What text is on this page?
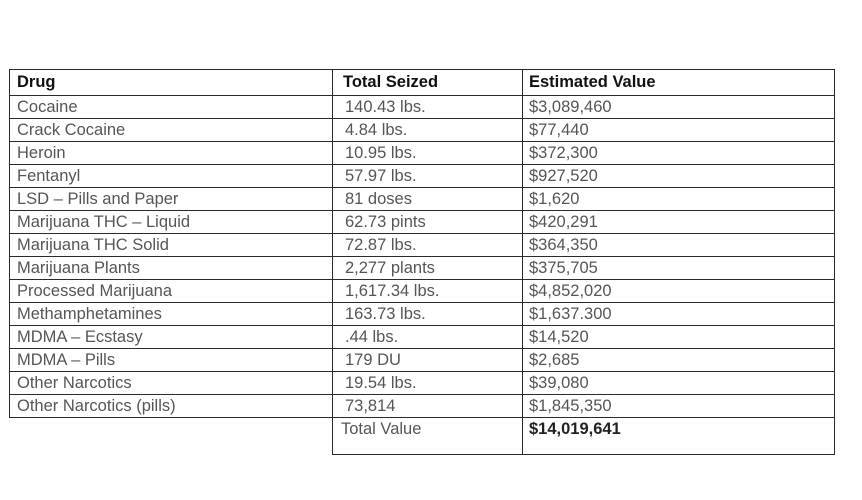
Drug	Total Seized	Estimated Value
Cocaine	140.43 lbs.	$3,089,460
Crack Cocaine	4.84 lbs.	$77,440
Heroin	10.95 lbs.	$372,300
Fentanyl	57.97 lbs.	$927,520
LSD – Pills and Paper	81 doses	$1,620
Marijuana THC – Liquid	62.73 pints	$420,291
Marijuana THC Solid	72.87 lbs.	$364,350
Marijuana Plants	2,277 plants	$375,705
Processed Marijuana	1,617.34 lbs.	$4,852,020
Methamphetamines	163.73 lbs.	$1,637.300
MDMA – Ecstasy	.44 lbs.	$14,520
MDMA – Pills	179 DU	$2,685
Other Narcotics	19.54 lbs.	$39,080
Other Narcotics (pills)	73,814	$1,845,350
	Total Value	$14,019,641
